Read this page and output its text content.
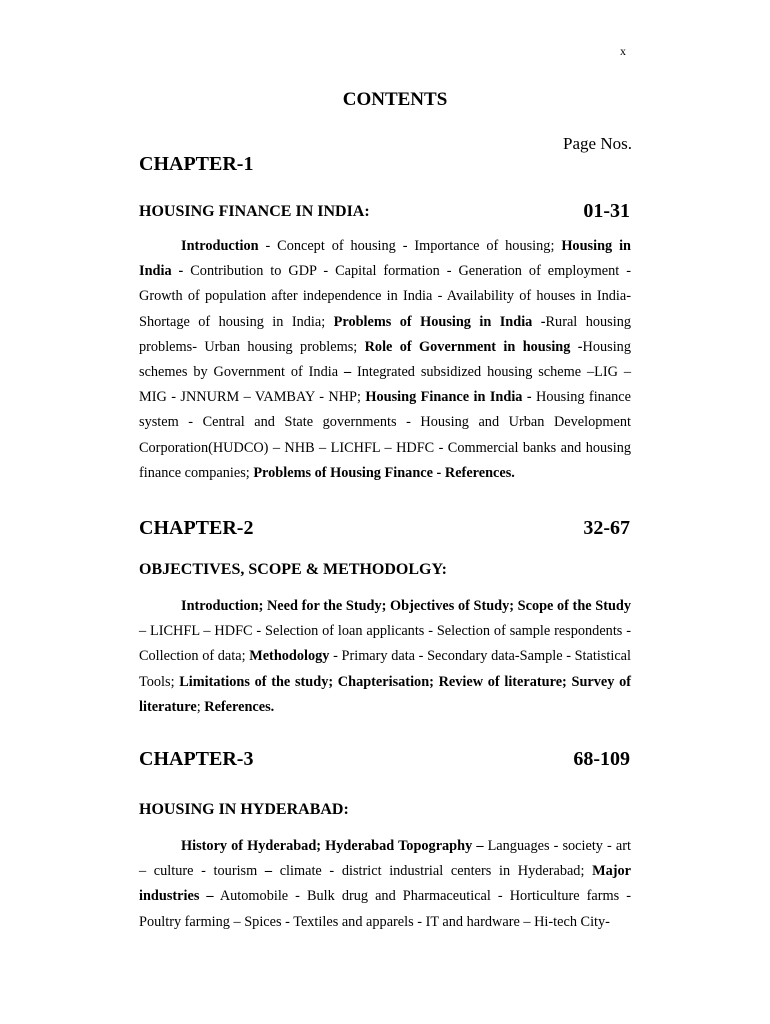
x
CONTENTS
Page Nos.
CHAPTER-1
HOUSING FINANCE IN INDIA:	01-31
Introduction - Concept of housing - Importance of housing; Housing in India - Contribution to GDP - Capital formation - Generation of employment - Growth of population after independence in India - Availability of houses in India- Shortage of housing in India; Problems of Housing in India -Rural housing problems- Urban housing problems; Role of Government in housing -Housing schemes by Government of India – Integrated subsidized housing scheme –LIG –MIG - JNNURM – VAMBAY - NHP; Housing Finance in India - Housing finance system - Central and State governments - Housing and Urban Development Corporation(HUDCO) – NHB – LICHFL – HDFC - Commercial banks and housing finance companies; Problems of Housing Finance - References.
CHAPTER-2	32-67
OBJECTIVES, SCOPE & METHODOLGY:
Introduction; Need for the Study; Objectives of Study; Scope of the Study – LICHFL – HDFC - Selection of loan applicants - Selection of sample respondents - Collection of data; Methodology - Primary data - Secondary data-Sample - Statistical Tools; Limitations of the study; Chapterisation; Review of literature; Survey of literature; References.
CHAPTER-3	68-109
HOUSING IN HYDERABAD:
History of Hyderabad; Hyderabad Topography – Languages - society - art – culture - tourism – climate - district industrial centers in Hyderabad; Major industries – Automobile - Bulk drug and Pharmaceutical - Horticulture farms - Poultry farming – Spices - Textiles and apparels - IT and hardware – Hi-tech City-
